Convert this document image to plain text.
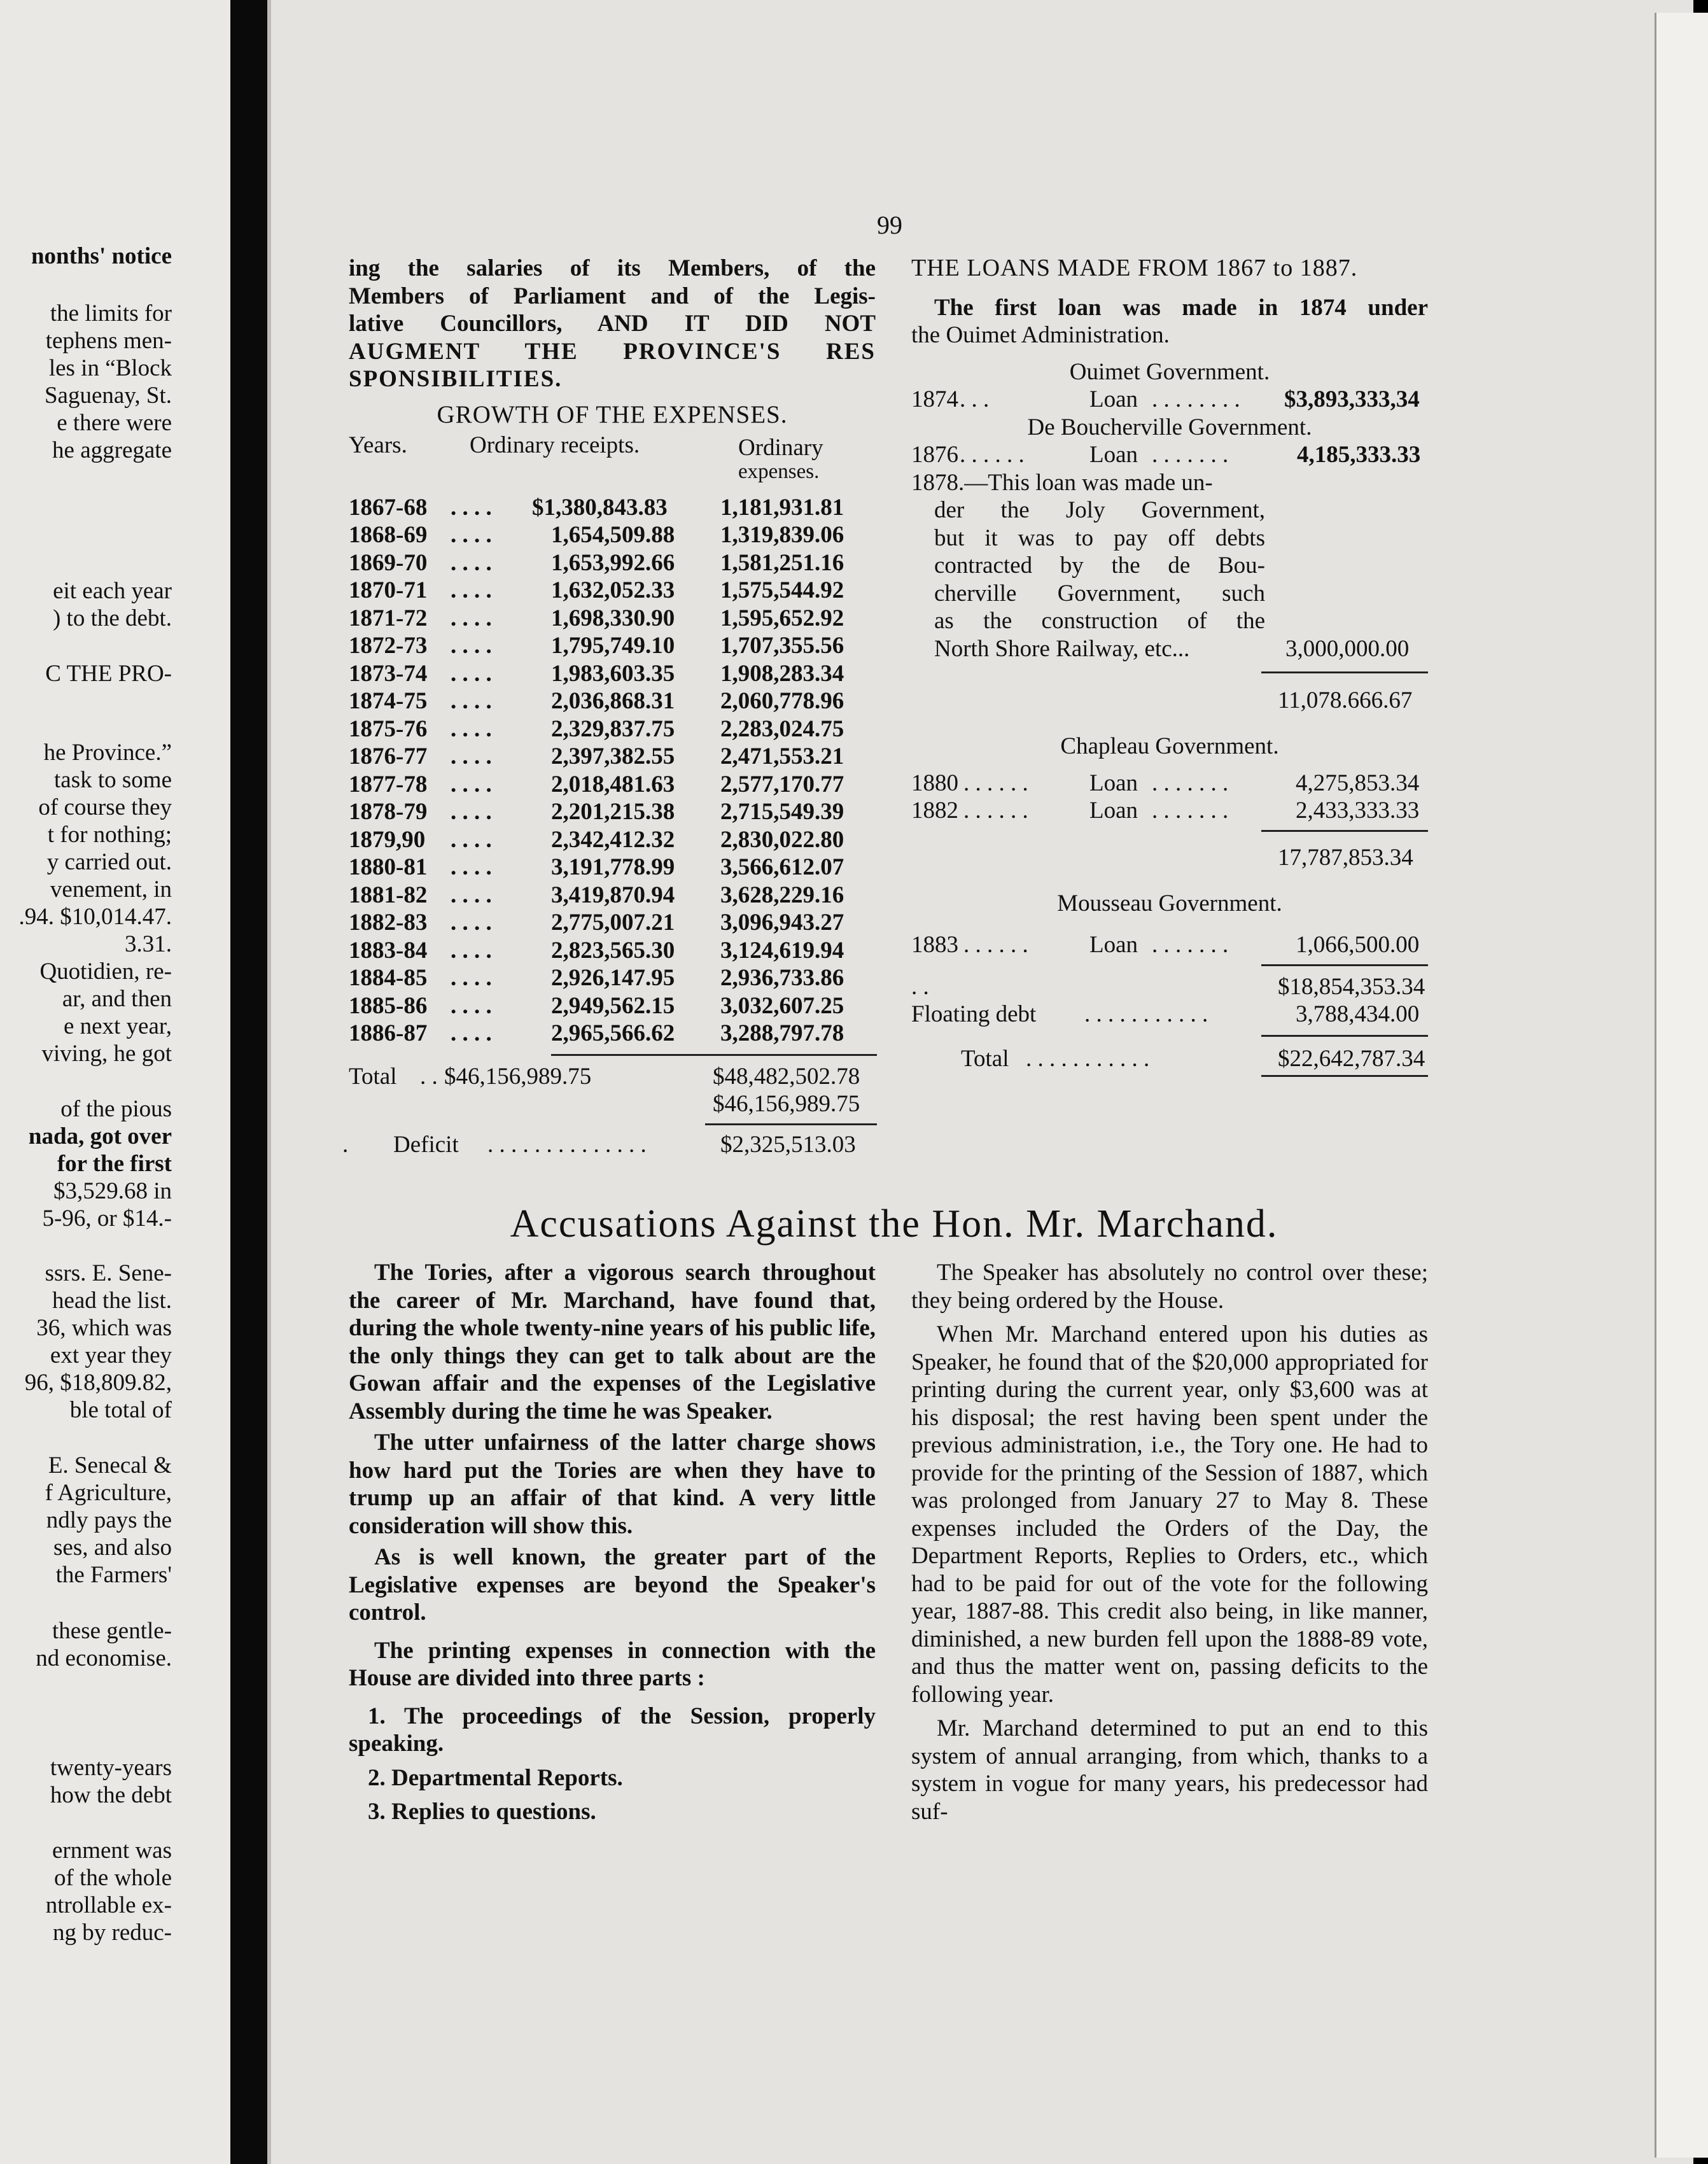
nonths' notice
the limits for
tephens men-
les in “Block
Saguenay, St.
e there were
he aggregate
eit each year
) to the debt.
C THE PRO-
he Province.”
task to some
of course they
t for nothing;
y carried out.
venement, in
.94. $10,014.47.
3.31.
Quotidien, re-
ar, and then
e next year,
viving, he got
of the pious
nada, got over
for the first
$3,529.68 in
5-96, or $14.-
ssrs. E. Sene-
head the list.
36, which was
ext year they
96, $18,809.82,
ble total of
E. Senecal &
f Agriculture,
ndly pays the
ses, and also
the Farmers'
these gentle-
nd economise.
twenty-years
how the debt
ernment was
of the whole
ntrollable ex-
ng by reduc-
99
ing the salaries of its Members, of the
Members of Parliament and of the Legis-
lative Councillors, AND IT DID NOT
AUGMENT THE PROVINCE'S RES
SPONSIBILITIES.
GROWTH OF THE EXPENSES.
Years.	Ordinary receipts.	Ordinary
expenses.
1867-68 . . . . $1,380,843.83 1,181,931.81
1868-69 . . . .	1,654,509.88 1,319,839.06
1869-70 . . . .	1,653,992.66 1,581,251.16
1870-71 . . . .	1,632,052.33 1,575,544.92
1871-72 . . . .	1,698,330.90 1,595,652.92
1872-73 . . . .	1,795,749.10 1,707,355.56
1873-74 . . . .	1,983,603.35 1,908,283.34
1874-75 . . . .	2,036,868.31 2,060,778.96
1875-76 . . . .	2,329,837.75 2,283,024.75
1876-77 . . . .	2,397,382.55 2,471,553.21
1877-78 . . . .	2,018,481.63 2,577,170.77
1878-79 . . . .	2,201,215.38 2,715,549.39
1879,90 . . . .	2,342,412.32 2,830,022.80
1880-81 . . . .	3,191,778.99 3,566,612.07
1881-82 . . . .	3,419,870.94 3,628,229.16
1882-83 . . . .	2,775,007.21 3,096,943.27
1883-84 . . . .	2,823,565.30 3,124,619.94
1884-85 . . . .	2,926,147.95 2,936,733.86
1885-86 . . . .	2,949,562.15 3,032,607.25
1886-87 . . . .	2,965,566.62 3,288,797.78
Total . . $46,156,989.75	$48,482,502.78
$46,156,989.75
. Deficit . . . . . . . . . . . . . .	$2,325,513.03
THE LOANS MADE FROM 1867 to 1887.
The first loan was made in 1874 under
the Ouimet Administration.
Ouimet Government.
1874 . . .	Loan . . . . . . . . $3,893,333,34
De Boucherville Government.
1876 . . . . . .	Loan . . . . . . .	4,185,333.33
1878.—This loan was made un-
der the Joly Government,
but it was to pay off debts
contracted by the de Bou-
cherville Government, such
as the construction of the
North Shore Railway, etc...	3,000,000.00
11,078.666.67
Chapleau Government.
1880 . . . . . .	Loan . . . . . . .	4,275,853.34
1882 . . . . . .	Loan . . . . . . .	2,433,333.33
17,787,853.34
Mousseau Government.
1883 . . . . . .	Loan . . . . . . .	1,066,500.00
. .	$18,854,353.34
Floating debt . . . . . . . . . . .	3,788,434.00
Total . . . . . . . . . . .	$22,642,787.34
Accusations Against the Hon. Mr. Marchand.

The Tories, after a vigorous search throughout the career of Mr. Marchand, have found that, during the whole twenty-nine years of his public life, the only things they can get to talk about are the Gowan affair and the expenses of the Legislative Assembly during the time he was Speaker.

The utter unfairness of the latter charge shows how hard put the Tories are when they have to trump up an affair of that kind. A very little consideration will show this.

As is well known, the greater part of the Legislative expenses are beyond the Speaker's control.

The printing expenses in connection with the House are divided into three parts :

1. The proceedings of the Session, properly speaking.

2. Departmental Reports.

3. Replies to questions.

The Speaker has absolutely no control over these; they being ordered by the House.

When Mr. Marchand entered upon his duties as Speaker, he found that of the $20,000 appropriated for printing during the current year, only $3,600 was at his disposal; the rest having been spent under the previous administration, i.e., the Tory one. He had to provide for the printing of the Session of 1887, which was prolonged from January 27 to May 8. These expenses included the Orders of the Day, the Department Reports, Replies to Orders, etc., which had to be paid for out of the vote for the following year, 1887-88. This credit also being, in like manner, diminished, a new burden fell upon the 1888-89 vote, and thus the matter went on, passing deficits to the following year.

Mr. Marchand determined to put an end to this system of annual arranging, from which, thanks to a system in vogue for many years, his predecessor had suf-
